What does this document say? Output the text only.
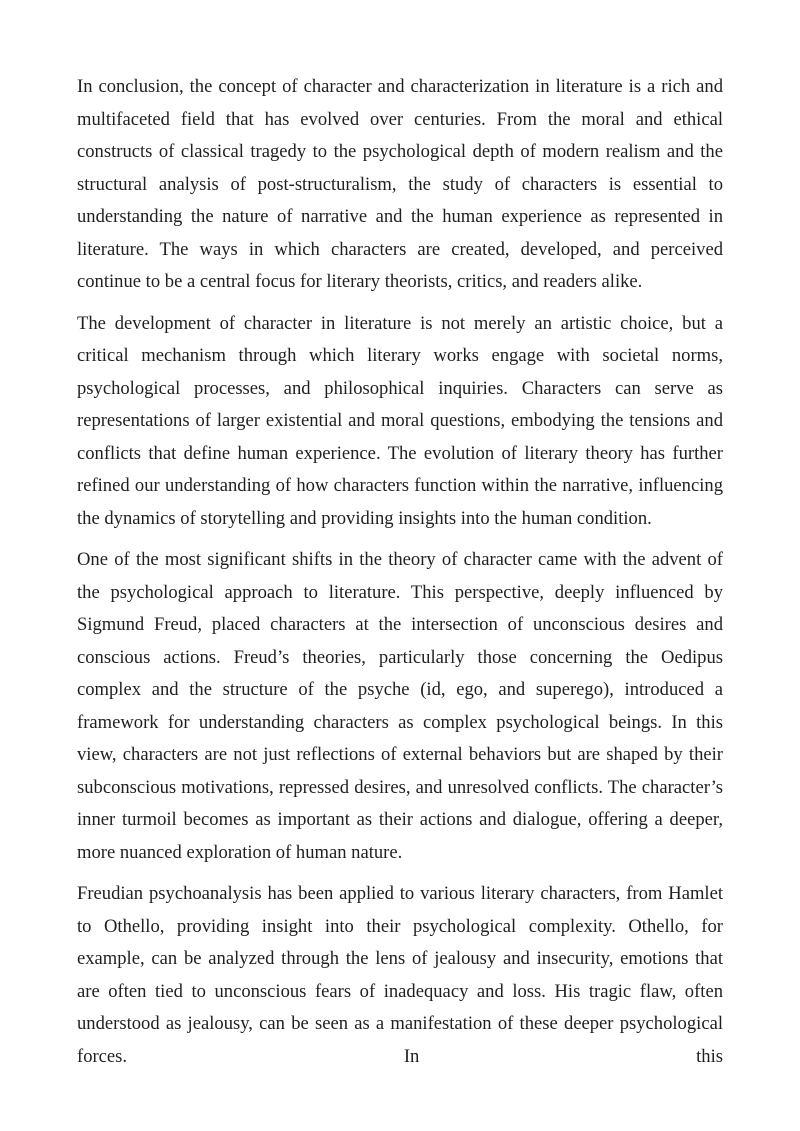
In conclusion, the concept of character and characterization in literature is a rich and multifaceted field that has evolved over centuries. From the moral and ethical constructs of classical tragedy to the psychological depth of modern realism and the structural analysis of post-structuralism, the study of characters is essential to understanding the nature of narrative and the human experience as represented in literature. The ways in which characters are created, developed, and perceived continue to be a central focus for literary theorists, critics, and readers alike.

The development of character in literature is not merely an artistic choice, but a critical mechanism through which literary works engage with societal norms, psychological processes, and philosophical inquiries. Characters can serve as representations of larger existential and moral questions, embodying the tensions and conflicts that define human experience. The evolution of literary theory has further refined our understanding of how characters function within the narrative, influencing the dynamics of storytelling and providing insights into the human condition.

One of the most significant shifts in the theory of character came with the advent of the psychological approach to literature. This perspective, deeply influenced by Sigmund Freud, placed characters at the intersection of unconscious desires and conscious actions. Freud’s theories, particularly those concerning the Oedipus complex and the structure of the psyche (id, ego, and superego), introduced a framework for understanding characters as complex psychological beings. In this view, characters are not just reflections of external behaviors but are shaped by their subconscious motivations, repressed desires, and unresolved conflicts. The character’s inner turmoil becomes as important as their actions and dialogue, offering a deeper, more nuanced exploration of human nature.

Freudian psychoanalysis has been applied to various literary characters, from Hamlet to Othello, providing insight into their psychological complexity. Othello, for example, can be analyzed through the lens of jealousy and insecurity, emotions that are often tied to unconscious fears of inadequacy and loss. His tragic flaw, often understood as jealousy, can be seen as a manifestation of these deeper psychological forces. In this
